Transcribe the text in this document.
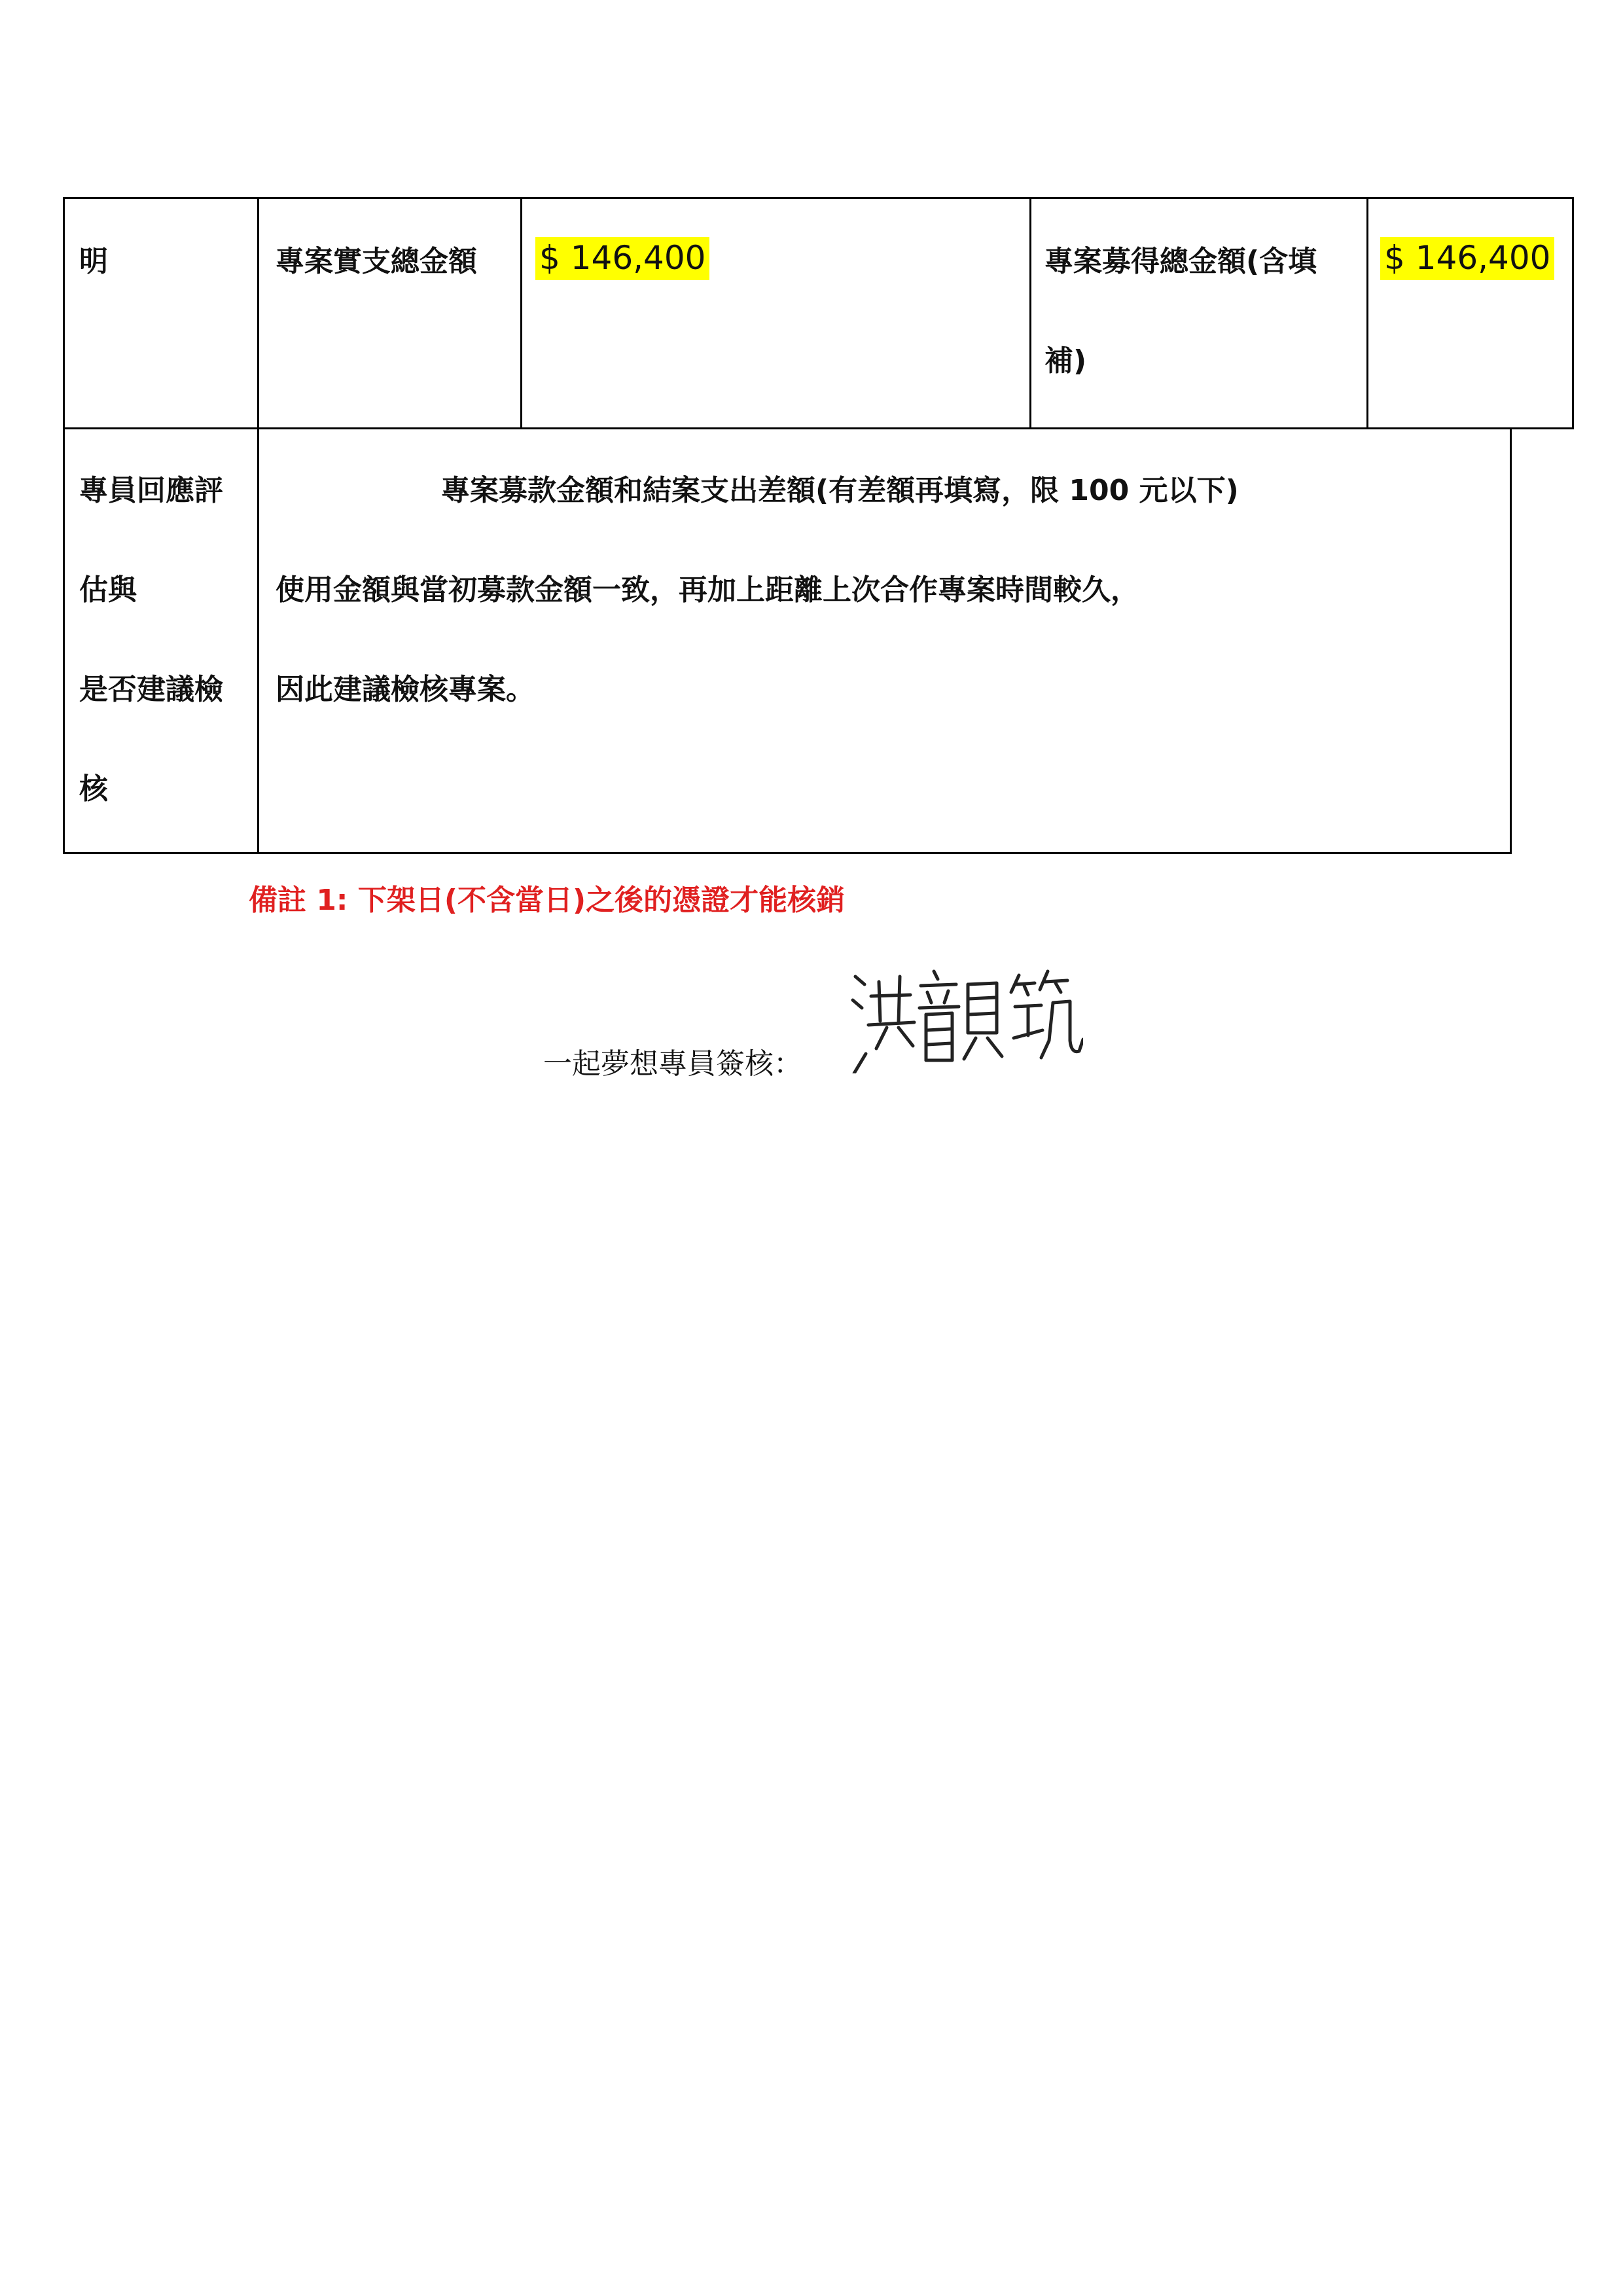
明	專案實支總金額 $ 146,400	專案募得總金額(含填
補)
$ 146,400
專員回應評
估與
是否建議檢
核
專案募款金額和結案支出差額(有差額再填寫，限 100 元以下)
使用金額與當初募款金額一致，再加上距離上次合作專案時間較久，
因此建議檢核專案。
備註 1: 下架日(不含當日)之後的憑證才能核銷
一起夢想專員簽核：
